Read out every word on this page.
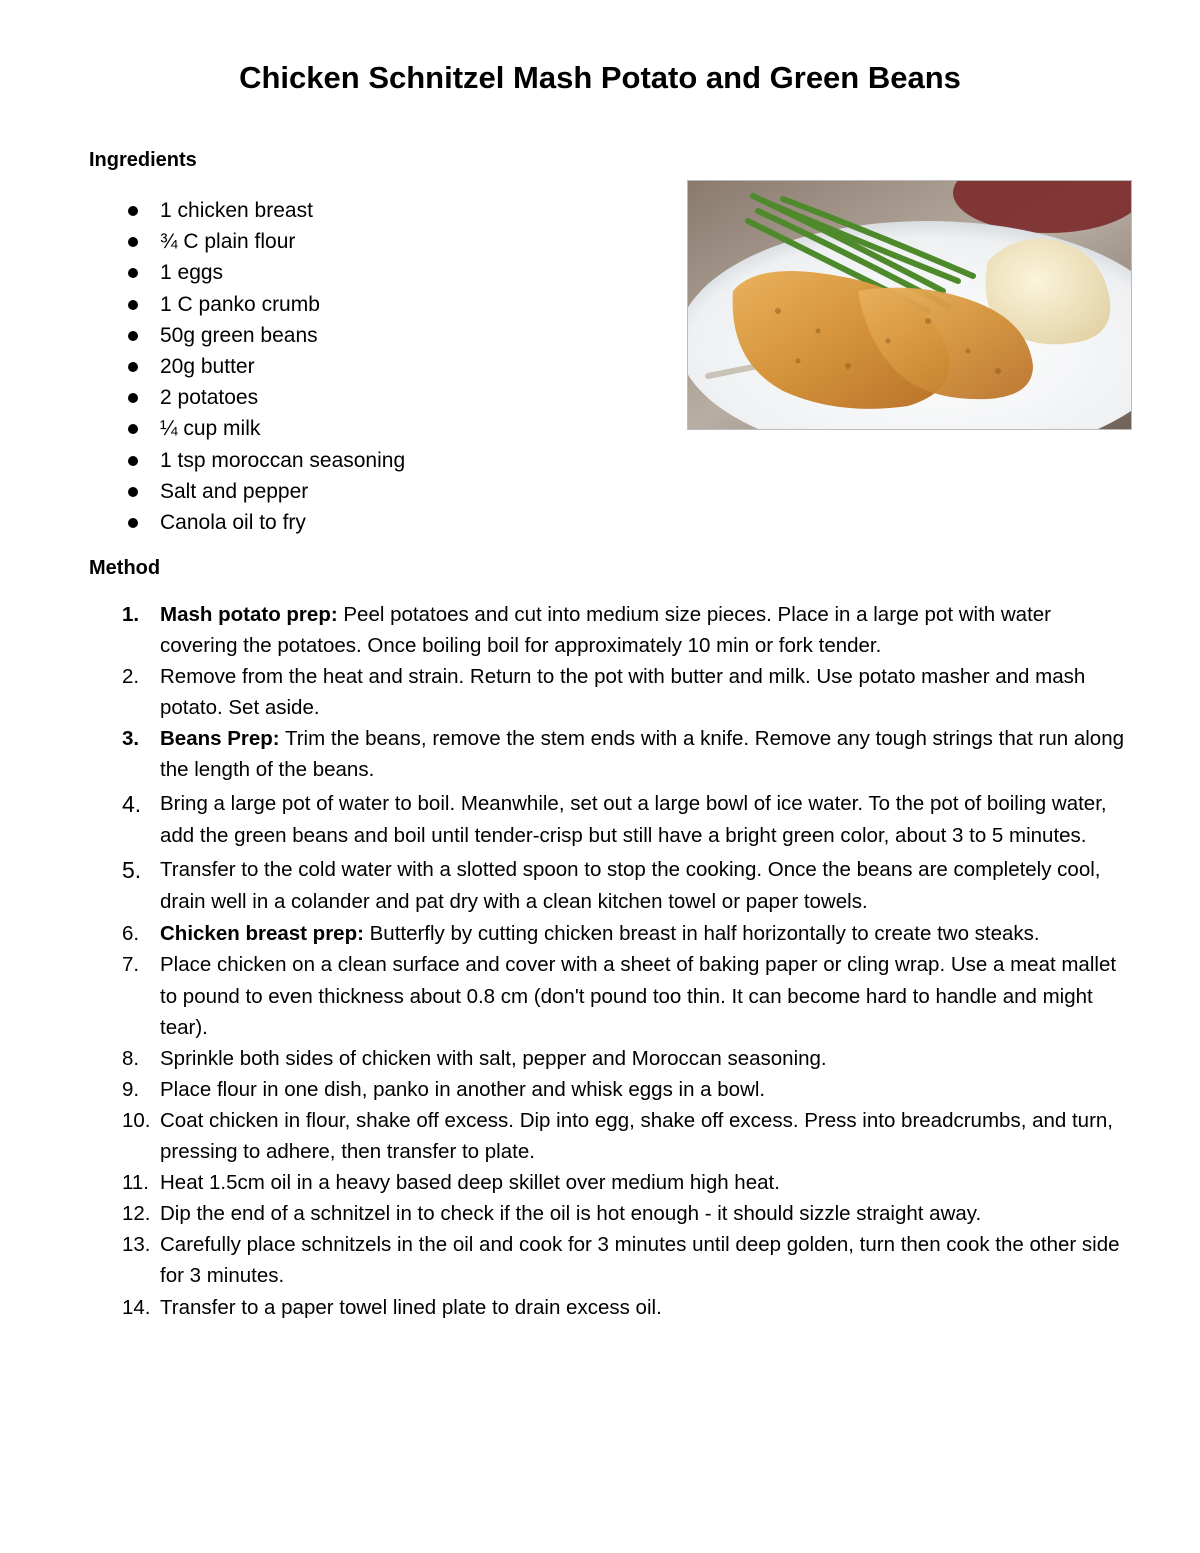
Chicken Schnitzel Mash Potato and Green Beans
Ingredients
1 chicken breast
¾ C plain flour
1 eggs
1 C panko crumb
50g green beans
20g butter
2 potatoes
¼ cup milk
1 tsp moroccan seasoning
Salt and pepper
Canola oil to fry
Method
1. Mash potato prep: Peel potatoes and cut into medium size pieces. Place in a large pot with water covering the potatoes. Once boiling boil for approximately 10 min or fork tender.
2. Remove from the heat and strain. Return to the pot with butter and milk. Use potato masher and mash potato. Set aside.
3. Beans Prep: Trim the beans, remove the stem ends with a knife. Remove any tough strings that run along the length of the beans.
4. Bring a large pot of water to boil. Meanwhile, set out a large bowl of ice water. To the pot of boiling water, add the green beans and boil until tender-crisp but still have a bright green color, about 3 to 5 minutes.
5. Transfer to the cold water with a slotted spoon to stop the cooking. Once the beans are completely cool, drain well in a colander and pat dry with a clean kitchen towel or paper towels.
6. Chicken breast prep: Butterfly by cutting chicken breast in half horizontally to create two steaks.
7. Place chicken on a clean surface and cover with a sheet of baking paper or cling wrap. Use a meat mallet to pound to even thickness about 0.8 cm (don't pound too thin. It can become hard to handle and might tear).
8. Sprinkle both sides of chicken with salt, pepper and Moroccan seasoning.
9. Place flour in one dish, panko in another and whisk eggs in a bowl.
10. Coat chicken in flour, shake off excess. Dip into egg, shake off excess. Press into breadcrumbs, and turn, pressing to adhere, then transfer to plate.
11. Heat 1.5cm oil in a heavy based deep skillet over medium high heat.
12. Dip the end of a schnitzel in to check if the oil is hot enough - it should sizzle straight away.
13. Carefully place schnitzels in the oil and cook for 3 minutes until deep golden, turn then cook the other side for 3 minutes.
14. Transfer to a paper towel lined plate to drain excess oil.
